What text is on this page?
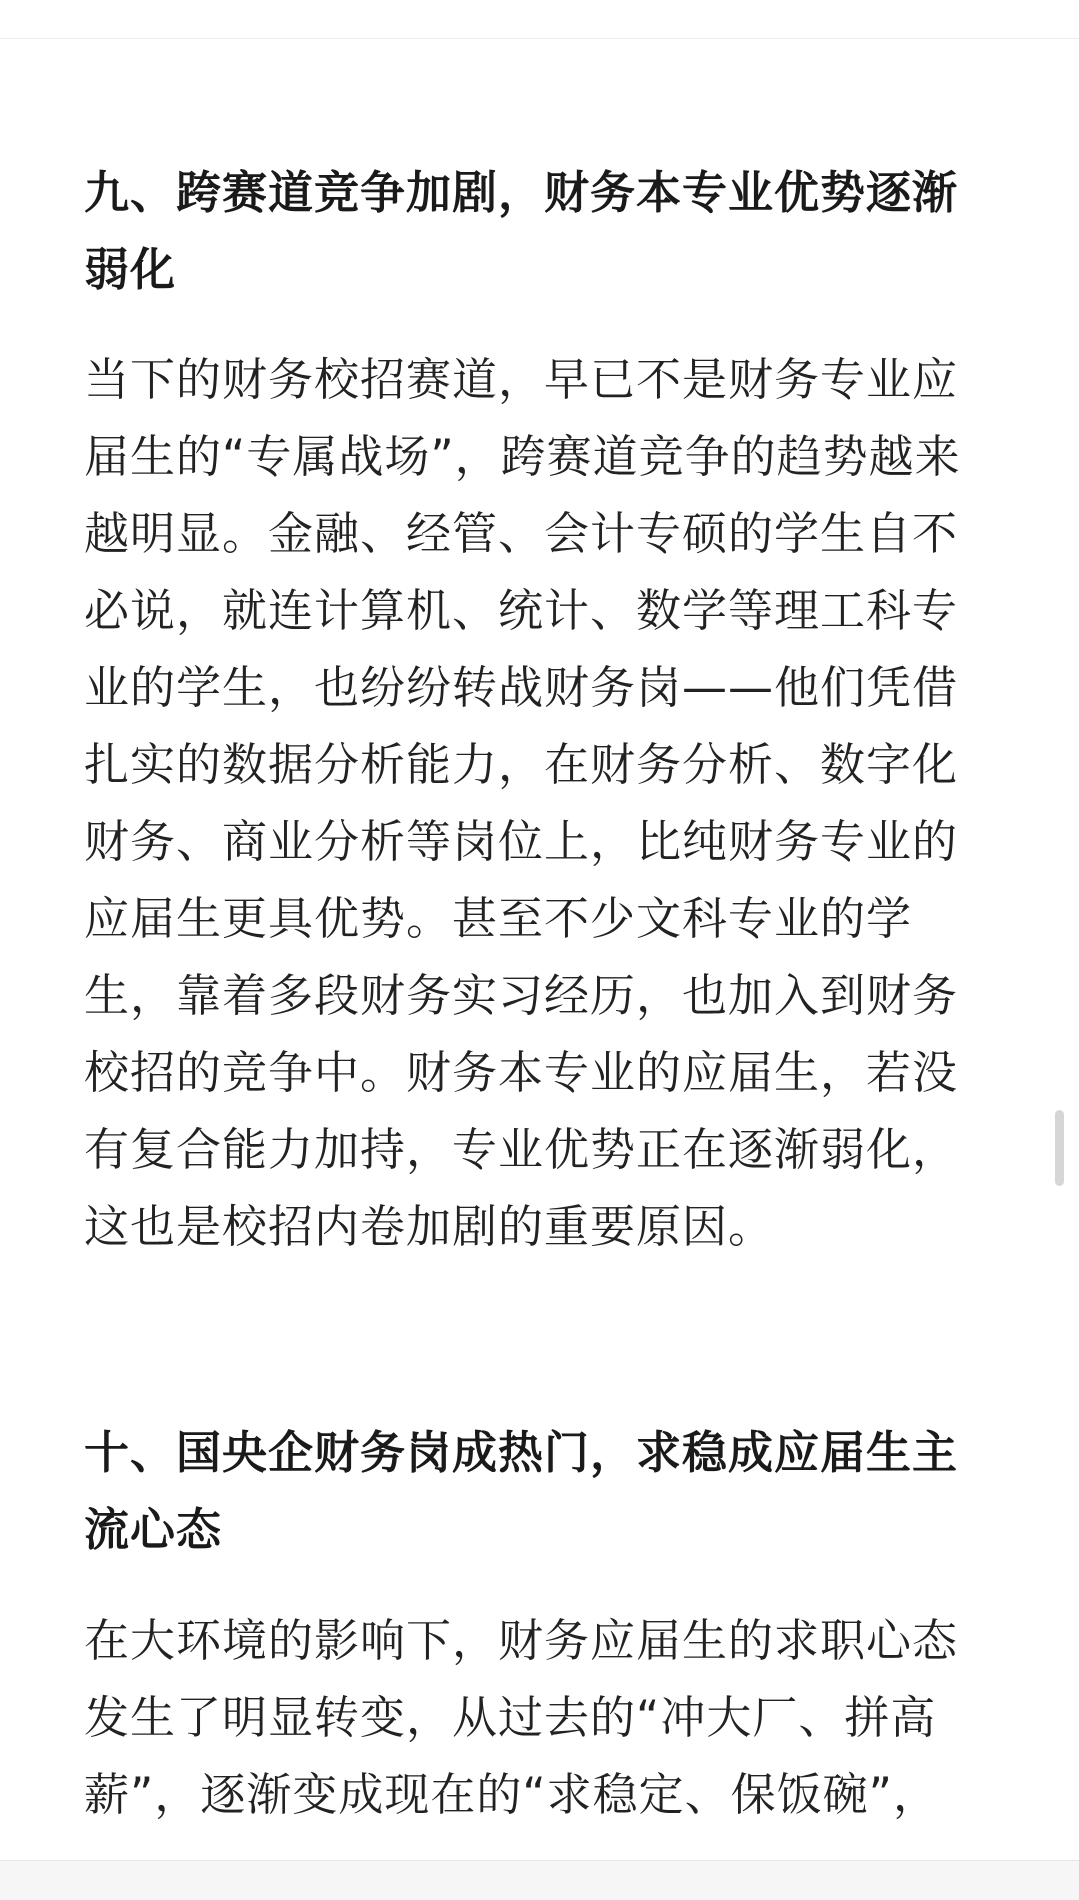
九、跨赛道竞争加剧，财务本专业优势逐渐弱化

当下的财务校招赛道，早已不是财务专业应届生的“专属战场”，跨赛道竞争的趋势越来越明显。金融、经管、会计专硕的学生自不必说，就连计算机、统计、数学等理工科专业的学生，也纷纷转战财务岗——他们凭借扎实的数据分析能力，在财务分析、数字化财务、商业分析等岗位上，比纯财务专业的应届生更具优势。甚至不少文科专业的学生，靠着多段财务实习经历，也加入到财务校招的竞争中。财务本专业的应届生，若没有复合能力加持，专业优势正在逐渐弱化，这也是校招内卷加剧的重要原因。

十、国央企财务岗成热门，求稳成应届生主流心态

在大环境的影响下，财务应届生的求职心态发生了明显转变，从过去的“冲大厂、拼高薪”，逐渐变成现在的“求稳定、保饭碗”，
